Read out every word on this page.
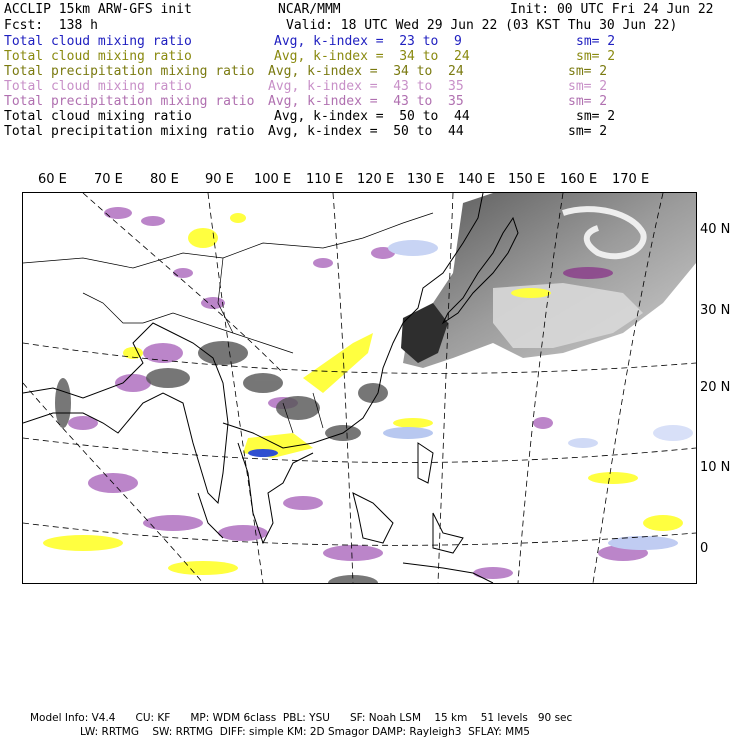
ACCLIP 15km ARW-GFS init	NCAR/MMM	Init: 00 UTC Fri 24 Jun 22
Fcst:  138 h	Valid: 18 UTC Wed 29 Jun 22 (03 KST Thu 30 Jun 22)
Total cloud mixing ratio	Avg, k-index =  23 to  9	sm= 2
Total cloud mixing ratio	Avg, k-index =  34 to  24	sm= 2
Total precipitation mixing ratio Avg, k-index =  34 to  24	sm= 2
Total cloud mixing ratio	Avg, k-index =  43 to  35	sm= 2
Total precipitation mixing ratio Avg, k-index =  43 to  35	sm= 2
Total cloud mixing ratio	Avg, k-index =  50 to  44	sm= 2
Total precipitation mixing ratio Avg, k-index =  50 to  44	sm= 2
60 E 70 E 80 E 90 E 100 E 110 E 120 E 130 E 140 E 150 E 160 E 170 E
40 N
30 N
20 N
10 N
0
Model Info: V4.4      CU: KF      MP: WDM 6class  PBL: YSU      SF: Noah LSM    15 km    51 levels   90 sec
LW: RRTMG    SW: RRTMG  DIFF: simple KM: 2D Smagor DAMP: Rayleigh3  SFLAY: MM5
